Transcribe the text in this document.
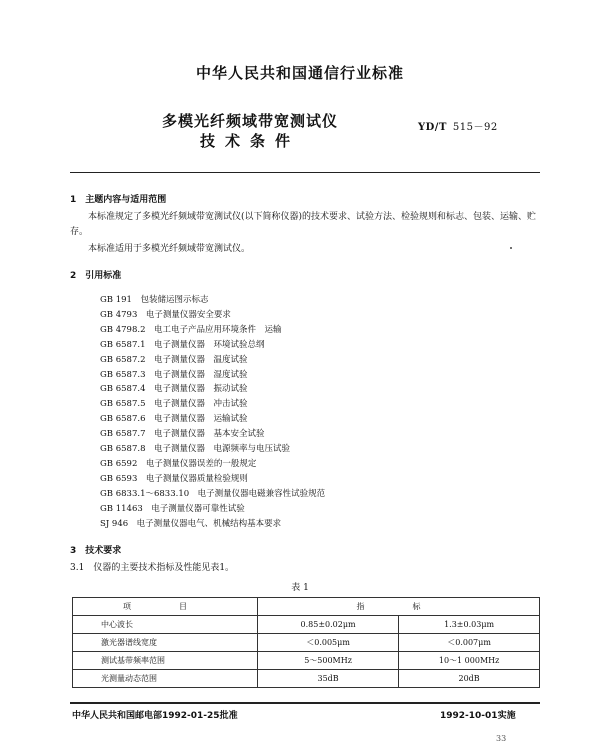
中华人民共和国通信行业标准
多模光纤频域带宽测试仪
技术条件
YD/T 515－92
1　主题内容与适用范围
本标准规定了多模光纤频域带宽测试仪(以下简称仪器)的技术要求、试验方法、检验规则和标志、包装、运输、贮存。
本标准适用于多模光纤频域带宽测试仪。
2　引用标准
GB 191　包装储运图示标志
GB 4793　电子测量仪器安全要求
GB 4798.2　电工电子产品应用环境条件　运输
GB 6587.1　电子测量仪器　环境试验总纲
GB 6587.2　电子测量仪器　温度试验
GB 6587.3　电子测量仪器　湿度试验
GB 6587.4　电子测量仪器　振动试验
GB 6587.5　电子测量仪器　冲击试验
GB 6587.6　电子测量仪器　运输试验
GB 6587.7　电子测量仪器　基本安全试验
GB 6587.8　电子测量仪器　电源频率与电压试验
GB 6592　电子测量仪器误差的一般规定
GB 6593　电子测量仪器质量检验规则
GB 6833.1～6833.10　电子测量仪器电磁兼容性试验规范
GB 11463　电子测量仪器可靠性试验
SJ 946　电子测量仪器电气、机械结构基本要求
3　技术要求
3.1　仪器的主要技术指标及性能见表1。
表 1
项　目	指　标	
中心波长	0.85±0.02μm	1.3±0.03μm
激光器谱线宽度	＜0.005μm	＜0.007μm
测试基带频率范围	5～500MHz	10～1 000MHz
光测量动态范围	35dB	20dB
中华人民共和国邮电部1992-01-25批准	1992-10-01实施
33
